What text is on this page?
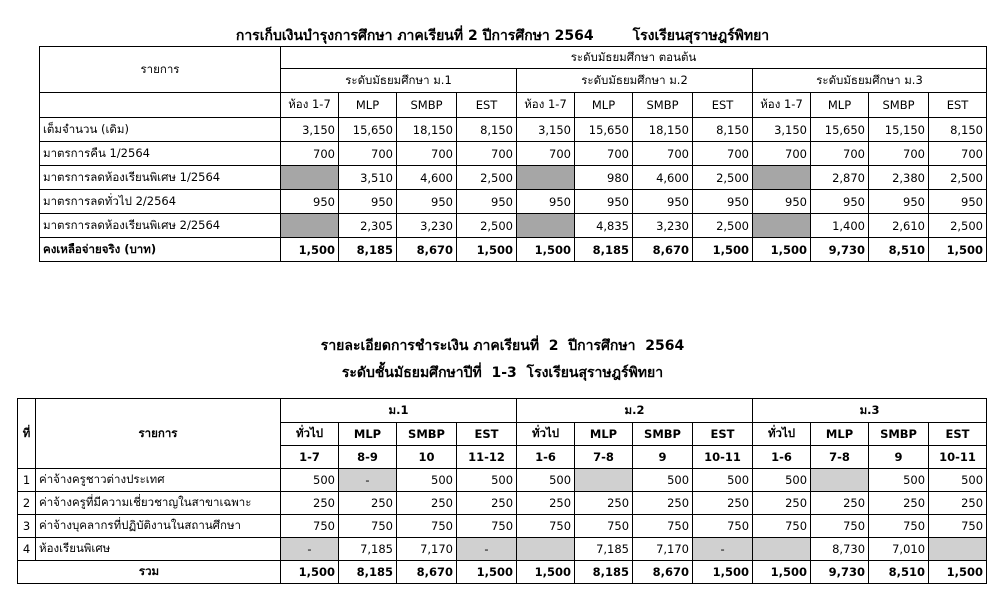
การเก็บเงินบำรุงการศึกษา ภาคเรียนที่ 2 ปีการศึกษา 2564        โรงเรียนสุราษฎร์พิทยา
รายการ	ระดับมัธยมศึกษา ตอนต้น											
	ระดับมัธยมศึกษา ม.1				ระดับมัธยมศึกษา ม.2				ระดับมัธยมศึกษา ม.3			
	ห้อง 1-7	MLP	SMBP	EST	ห้อง 1-7	MLP	SMBP	EST	ห้อง 1-7	MLP	SMBP	EST
เต็มจำนวน (เดิม)	3,150	15,650	18,150	8,150	3,150	15,650	18,150	8,150	3,150	15,650	15,150	8,150
มาตรการคืน 1/2564	700	700	700	700	700	700	700	700	700	700	700	700
มาตรการลดห้องเรียนพิเศษ 1/2564		3,510	4,600	2,500		980	4,600	2,500		2,870	2,380	2,500
มาตรการลดทั่วไป 2/2564	950	950	950	950	950	950	950	950	950	950	950	950
มาตรการลดห้องเรียนพิเศษ 2/2564		2,305	3,230	2,500		4,835	3,230	2,500		1,400	2,610	2,500
คงเหลือจ่ายจริง (บาท)	1,500	8,185	8,670	1,500	1,500	8,185	8,670	1,500	1,500	9,730	8,510	1,500
รายละเอียดการชำระเงิน ภาคเรียนที่  2  ปีการศึกษา  2564
ระดับชั้นมัธยมศึกษาปีที่  1-3  โรงเรียนสุราษฎร์พิทยา
ที่	รายการ	ม.1				ม.2				ม.3			
		ทั่วไป	MLP	SMBP	EST	ทั่วไป	MLP	SMBP	EST	ทั่วไป	MLP	SMBP	EST
		1-7	8-9	10	11-12	1-6	7-8	9	10-11	1-6	7-8	9	10-11
1	ค่าจ้างครูชาวต่างประเทศ	500	-	500	500	500		500	500	500		500	500
2	ค่าจ้างครูที่มีความเชี่ยวชาญในสาขาเฉพาะ	250	250	250	250	250	250	250	250	250	250	250	250
3	ค่าจ้างบุคลากรที่ปฏิบัติงานในสถานศึกษา	750	750	750	750	750	750	750	750	750	750	750	750
4	ห้องเรียนพิเศษ	-	7,185	7,170	-		7,185	7,170	-		8,730	7,010	
รวม		1,500	8,185	8,670	1,500	1,500	8,185	8,670	1,500	1,500	9,730	8,510	1,500
